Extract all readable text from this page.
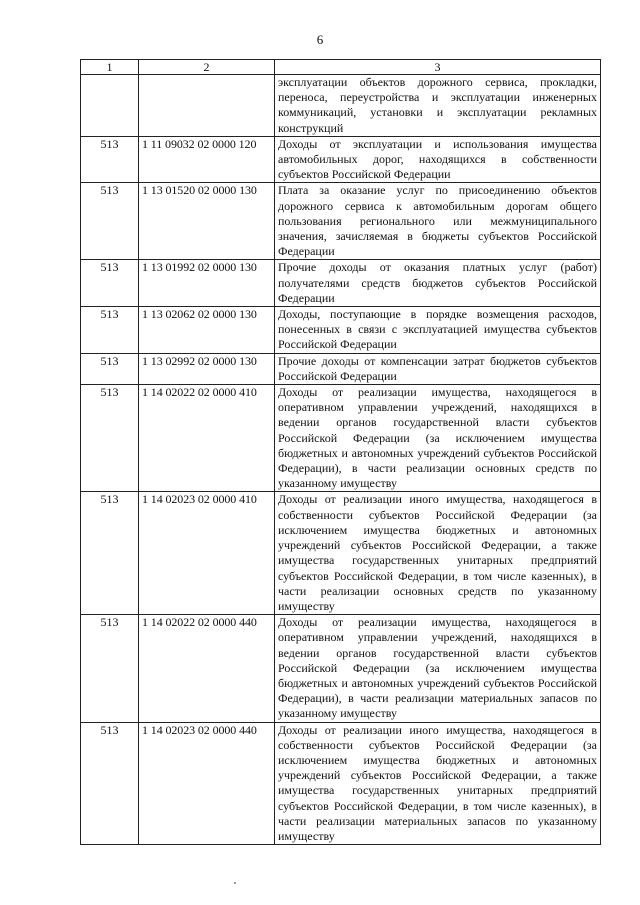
6
1	2	3
		эксплуатации объектов дорожного сервиса, прокладки, переноса, переустройства и эксплуатации инженерных коммуникаций, установки и эксплуатации рекламных конструкций
513	1 11 09032 02 0000 120	Доходы от эксплуатации и использования имущества автомобильных дорог, находящихся в собственности субъектов Российской Федерации
513	1 13 01520 02 0000 130	Плата за оказание услуг по присоединению объектов дорожного сервиса к автомобильным дорогам общего пользования регионального или межмуниципального значения, зачисляемая в бюджеты субъектов Российской Федерации
513	1 13 01992 02 0000 130	Прочие доходы от оказания платных услуг (работ) получателями средств бюджетов субъектов Российской Федерации
513	1 13 02062 02 0000 130	Доходы, поступающие в порядке возмещения расходов, понесенных в связи с эксплуатацией имущества субъектов Российской Федерации
513	1 13 02992 02 0000 130	Прочие доходы от компенсации затрат бюджетов субъектов Российской Федерации
513	1 14 02022 02 0000 410	Доходы от реализации имущества, находящегося в оперативном управлении учреждений, находящихся в ведении органов государственной власти субъектов Российской Федерации (за исключением имущества бюджетных и автономных учреждений субъектов Российской Федерации), в части реализации основных средств по указанному имуществу
513	1 14 02023 02 0000 410	Доходы от реализации иного имущества, находящегося в собственности субъектов Российской Федерации (за исключением имущества бюджетных и автономных учреждений субъектов Российской Федерации, а также имущества государственных унитарных предприятий субъектов Российской Федерации, в том числе казенных), в части реализации основных средств по указанному имуществу
513	1 14 02022 02 0000 440	Доходы от реализации имущества, находящегося в оперативном управлении учреждений, находящихся в ведении органов государственной власти субъектов Российской Федерации (за исключением имущества бюджетных и автономных учреждений субъектов Российской Федерации), в части реализации материальных запасов по указанному имуществу
513	1 14 02023 02 0000 440	Доходы от реализации иного имущества, находящегося в собственности субъектов Российской Федерации (за исключением имущества бюджетных и автономных учреждений субъектов Российской Федерации, а также имущества государственных унитарных предприятий субъектов Российской Федерации, в том числе казенных), в части реализации материальных запасов по указанному имуществу
